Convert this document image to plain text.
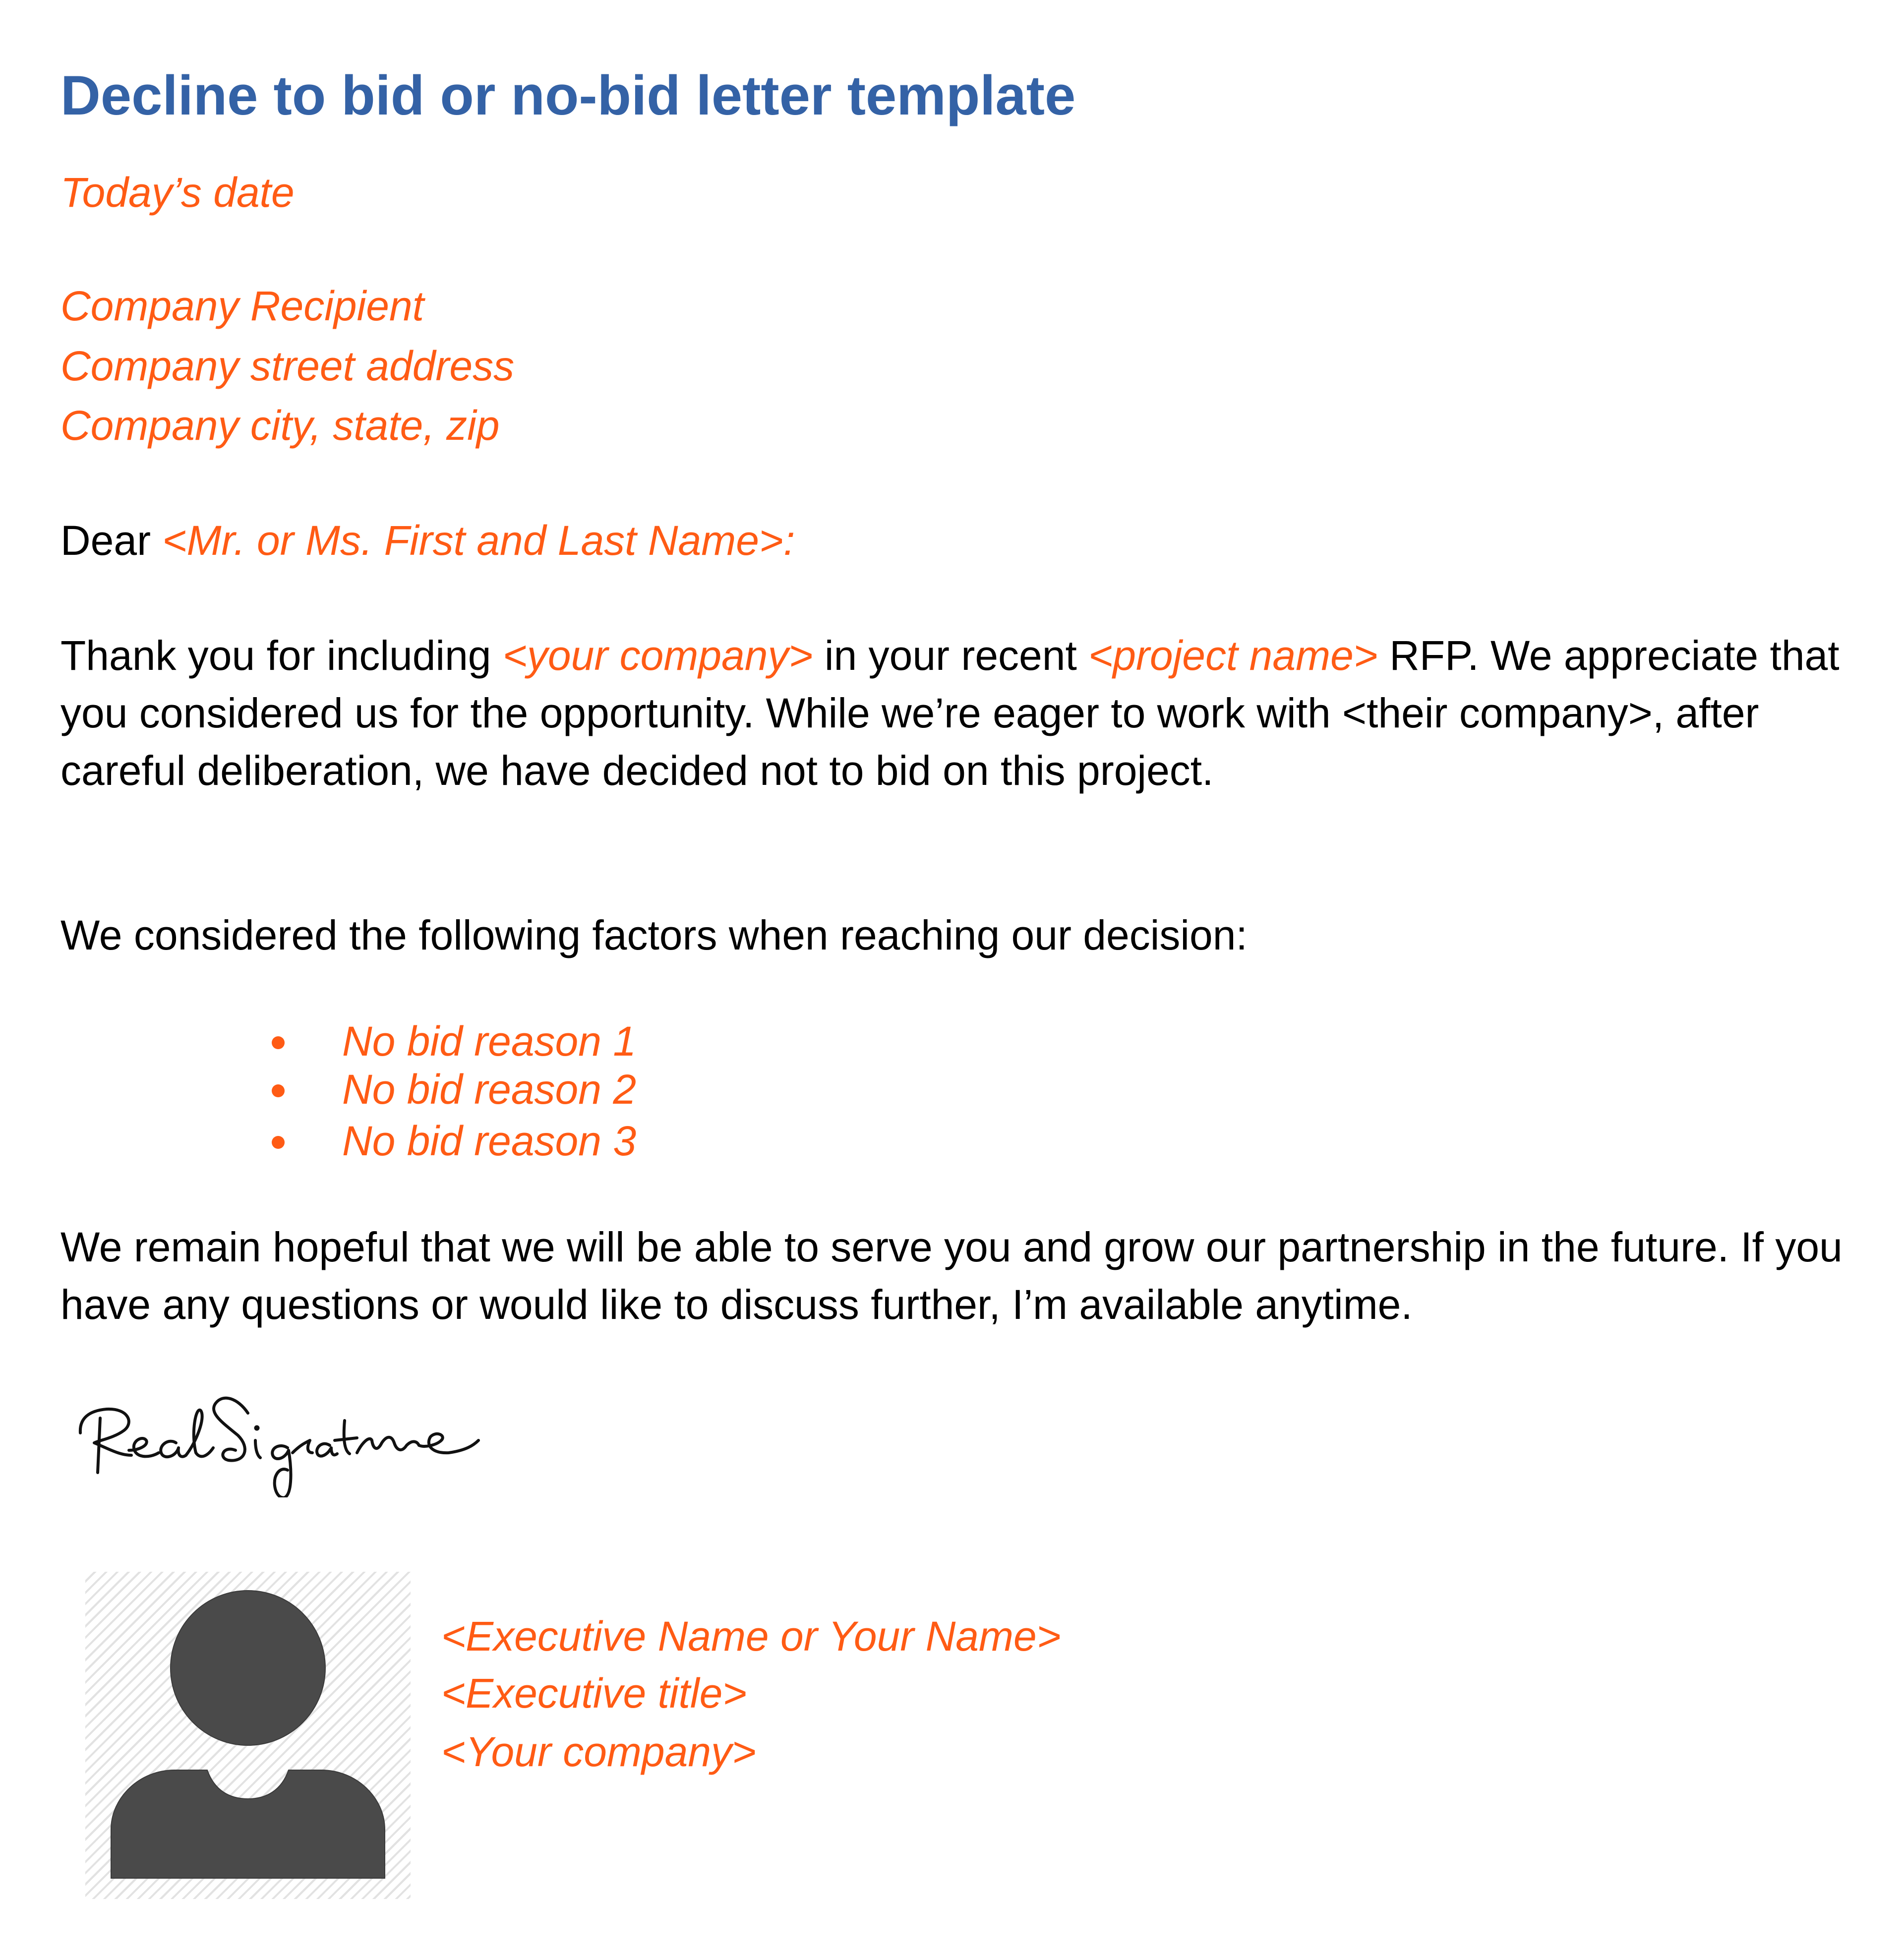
Decline to bid or no-bid letter template
Today’s date
Company Recipient
Company street address
Company city, state, zip
Dear <Mr. or Ms. First and Last Name>:
Thank you for including <your company> in your recent <project name> RFP. We appreciate that you considered us for the opportunity. While we’re eager to work with <their company>, after careful deliberation, we have decided not to bid on this project.
We considered the following factors when reaching our decision:
No bid reason 1
No bid reason 2
No bid reason 3
We remain hopeful that we will be able to serve you and grow our partnership in the future. If you have any questions or would like to discuss further, I’m available anytime.
<Executive Name or Your Name>
<Executive title>
<Your company>
